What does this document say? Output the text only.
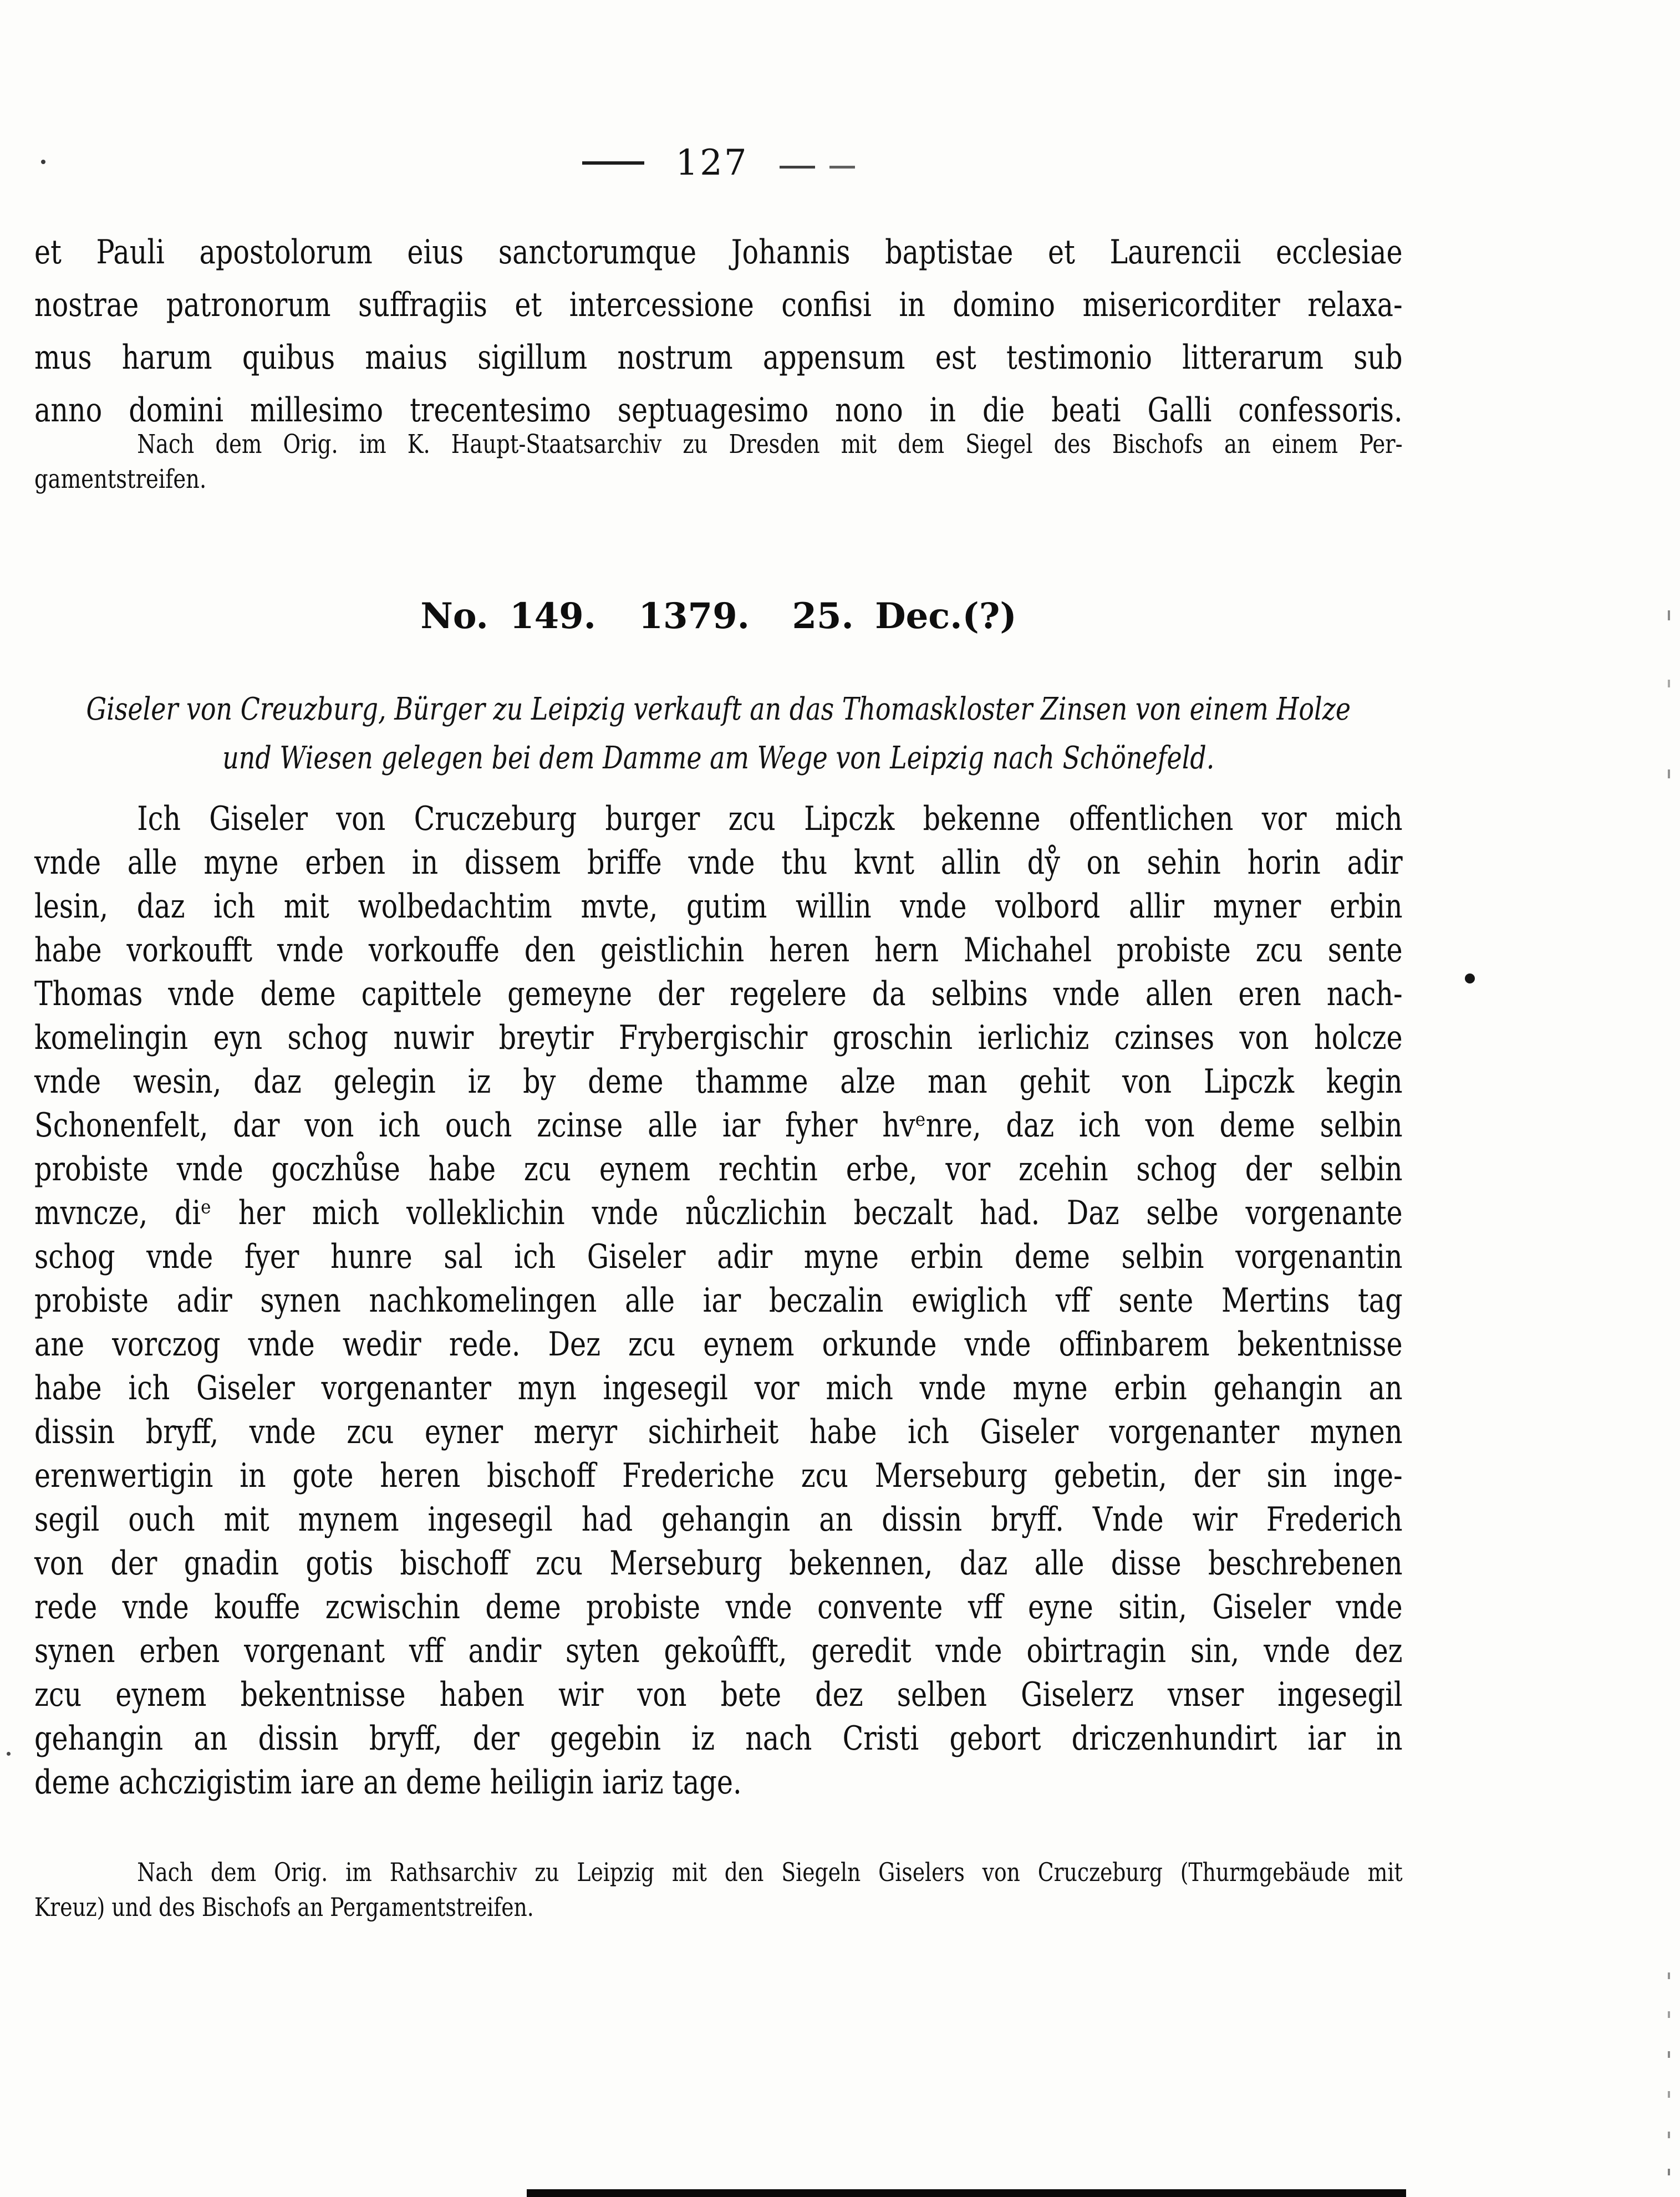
127
et Pauli apostolorum eius sanctorumque Johannis baptistae et Laurencii ecclesiae
nostrae patronorum suffragiis et intercessione confisi in domino misericorditer relaxa-
mus harum quibus maius sigillum nostrum appensum est testimonio litterarum sub
anno domini millesimo trecentesimo septuagesimo nono in die beati Galli confessoris.
Nach dem Orig. im K. Haupt-Staatsarchiv zu Dresden mit dem Siegel des Bischofs an einem Per-
gamentstreifen.
No. 149.  1379.  25. Dec.(?)
Giseler von Creuzburg, Bürger zu Leipzig verkauft an das Thomaskloster Zinsen von einem Holze
und Wiesen gelegen bei dem Damme am Wege von Leipzig nach Schönefeld.
Ich Giseler von Cruczeburg burger zcu Lipczk bekenne offentlichen vor mich
vnde alle myne erben in dissem briffe vnde thu kvnt allin dẙ on sehin horin adir
lesin, daz ich mit wolbedachtim mvte, gutim willin vnde volbord allir myner erbin
habe vorkoufft vnde vorkouffe den geistlichin heren hern Michahel probiste zcu sente
Thomas vnde deme capittele gemeyne der regelere da selbins vnde allen eren nach-
komelingin eyn schog nuwir breytir Frybergischir groschin ierlichiz czinses von holcze
vnde wesin, daz gelegin iz by deme thamme alze man gehit von Lipczk kegin
Schonenfelt, dar von ich ouch zcinse alle iar fyher hvᵉnre, daz ich von deme selbin
probiste vnde goczhůse habe zcu eynem rechtin erbe, vor zcehin schog der selbin
mvncze, diᵉ her mich volleklichin vnde nůczlichin beczalt had. Daz selbe vorgenante
schog vnde fyer hunre sal ich Giseler adir myne erbin deme selbin vorgenantin
probiste adir synen nachkomelingen alle iar beczalin ewiglich vff sente Mertins tag
ane vorczog vnde wedir rede. Dez zcu eynem orkunde vnde offinbarem bekentnisse
habe ich Giseler vorgenanter myn ingesegil vor mich vnde myne erbin gehangin an
dissin bryff, vnde zcu eyner meryr sichirheit habe ich Giseler vorgenanter mynen
erenwertigin in gote heren bischoff Frederiche zcu Merseburg gebetin, der sin inge-
segil ouch mit mynem ingesegil had gehangin an dissin bryff. Vnde wir Frederich
von der gnadin gotis bischoff zcu Merseburg bekennen, daz alle disse beschrebenen
rede vnde kouffe zcwischin deme probiste vnde convente vff eyne sitin, Giseler vnde
synen erben vorgenant vff andir syten gekoûfft, geredit vnde obirtragin sin, vnde dez
zcu eynem bekentnisse haben wir von bete dez selben Giselerz vnser ingesegil
gehangin an dissin bryff, der gegebin iz nach Cristi gebort driczenhundirt iar in
deme achczigistim iare an deme heiligin iariz tage.
Nach dem Orig. im Rathsarchiv zu Leipzig mit den Siegeln Giselers von Cruczeburg (Thurmgebäude mit
Kreuz) und des Bischofs an Pergamentstreifen.
